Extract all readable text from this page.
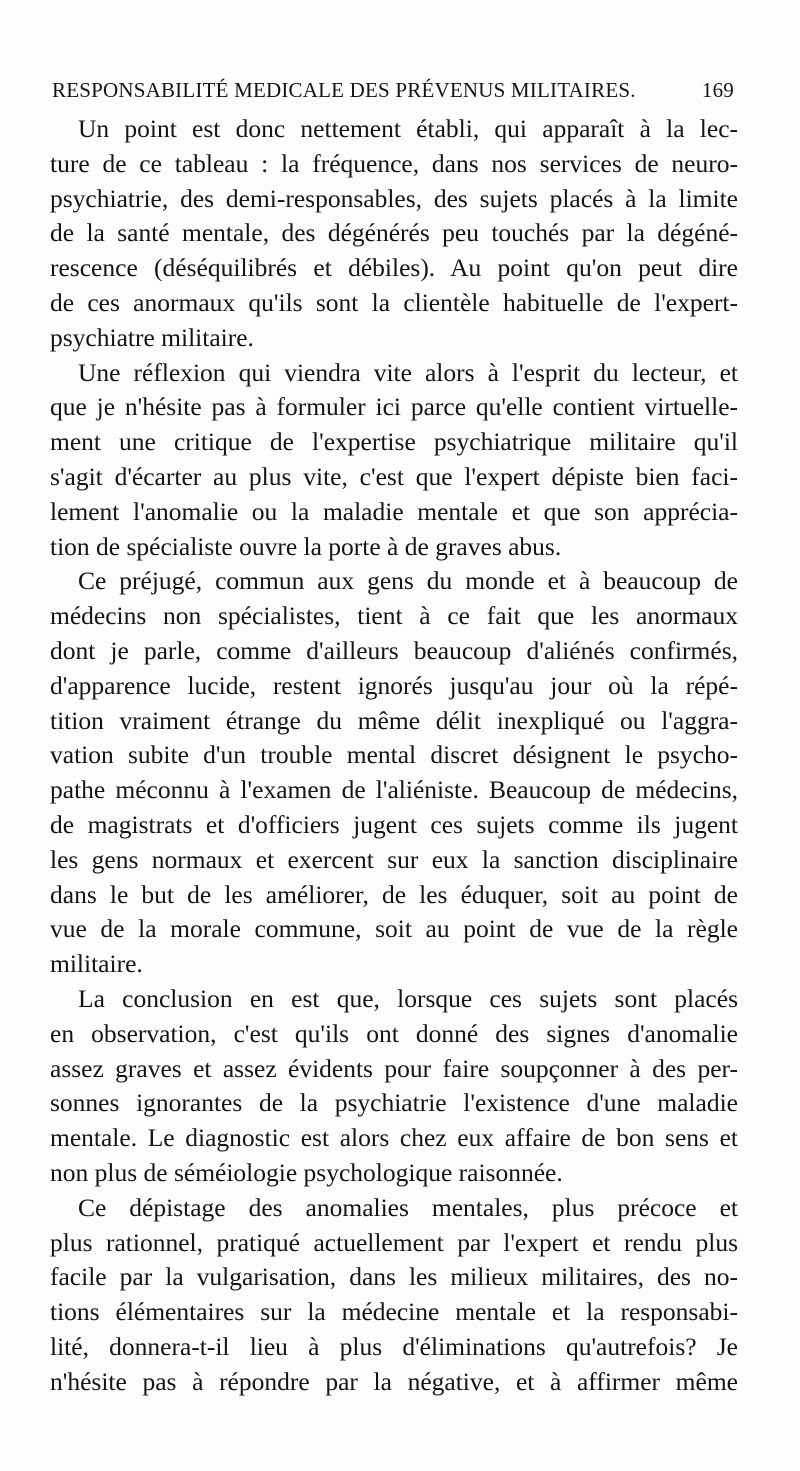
RESPONSABILITÉ MEDICALE DES PRÉVENUS MILITAIRES.	169

Un point est donc nettement établi, qui apparaît à la lec-
ture de ce tableau : la fréquence, dans nos services de neuro-
psychiatrie, des demi-responsables, des sujets placés à la limite
de la santé mentale, des dégénérés peu touchés par la dégéné-
rescence (déséquilibrés et débiles). Au point qu'on peut dire
de ces anormaux qu'ils sont la clientèle habituelle de l'expert-
psychiatre militaire.

Une réflexion qui viendra vite alors à l'esprit du lecteur, et
que je n'hésite pas à formuler ici parce qu'elle contient virtuelle-
ment une critique de l'expertise psychiatrique militaire qu'il
s'agit d'écarter au plus vite, c'est que l'expert dépiste bien faci-
lement l'anomalie ou la maladie mentale et que son apprécia-
tion de spécialiste ouvre la porte à de graves abus.

Ce préjugé, commun aux gens du monde et à beaucoup de
médecins non spécialistes, tient à ce fait que les anormaux
dont je parle, comme d'ailleurs beaucoup d'aliénés confirmés,
d'apparence lucide, restent ignorés jusqu'au jour où la répé-
tition vraiment étrange du même délit inexpliqué ou l'aggra-
vation subite d'un trouble mental discret désignent le psycho-
pathe méconnu à l'examen de l'aliéniste. Beaucoup de médecins,
de magistrats et d'officiers jugent ces sujets comme ils jugent
les gens normaux et exercent sur eux la sanction disciplinaire
dans le but de les améliorer, de les éduquer, soit au point de
vue de la morale commune, soit au point de vue de la règle
militaire.

La conclusion en est que, lorsque ces sujets sont placés
en observation, c'est qu'ils ont donné des signes d'anomalie
assez graves et assez évidents pour faire soupçonner à des per-
sonnes ignorantes de la psychiatrie l'existence d'une maladie
mentale. Le diagnostic est alors chez eux affaire de bon sens et
non plus de séméiologie psychologique raisonnée.

Ce dépistage des anomalies mentales, plus précoce et
plus rationnel, pratiqué actuellement par l'expert et rendu plus
facile par la vulgarisation, dans les milieux militaires, des no-
tions élémentaires sur la médecine mentale et la responsabi-
lité, donnera-t-il lieu à plus d'éliminations qu'autrefois? Je
n'hésite pas à répondre par la négative, et à affirmer même
